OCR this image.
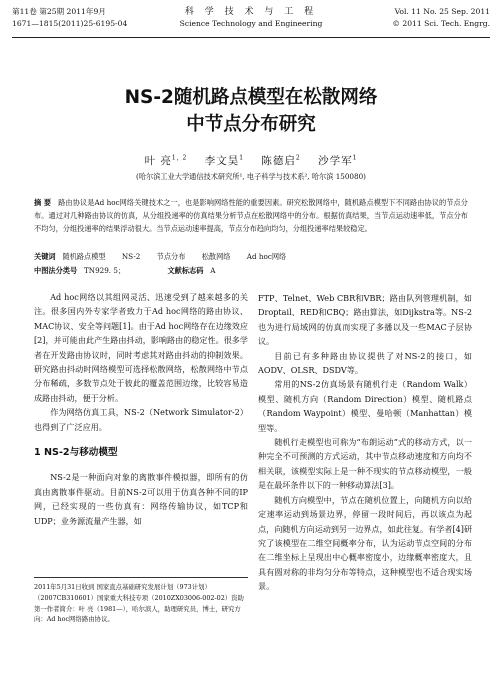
第11卷 第25期 2011年9月
1671—1815(2011)25-6195-04
科 学 技 术 与 工 程
Science Technology and Engineering
Vol. 11 No. 25 Sep. 2011
© 2011 Sci. Tech. Engrg.
NS-2随机路点模型在松散网络
中节点分布研究
叶 亮$^{1, 2}$ 李文昊$^1$ 陈德启$^2$ 沙学军$^1$
(哈尔滨工业大学通信技术研究所¹, 电子科学与技术系², 哈尔滨 150080)
摘 要 路由协议是Ad hoc网络关键技术之一，也是影响网络性能的重要因素。研究松散网络中，随机路点模型下不同路由协议的节点分布。通过对几种路由协议的仿真，从分组投递率的仿真结果分析节点在松散网络中的分布。根据仿真结果，当节点运动速率低，节点分布不均匀，分组投递率的结果浮动很大。当节点运动速率提高，节点分布趋向均匀，分组投递率结果较稳定。
关键词 随机路点模型 NS-2 节点分布 松散网络 Ad hoc网络
中图法分类号 TN929. 5；	文献标志码 A

Ad hoc网络以其组网灵活、迅速受到了越来越多的关注。很多国内外专家学者致力于Ad hoc网络的路由协议、MAC协议、安全等问题[1]。由于Ad hoc网络存在边缘效应[2]，并可能由此产生路由抖动，影响路由的稳定性。很多学者在开发路由协议时，同时考虑其对路由抖动的抑制效果。研究路由抖动时网络模型可选择松散网络，松散网络中节点分布稀疏，多数节点处于彼此的覆盖范围边缘，比较容易造成路由抖动，便于分析。

作为网络仿真工具，NS-2（Network Simulator-2）也得到了广泛应用。

1 NS-2与移动模型

NS-2是一种面向对象的离散事件模拟器，即所有的仿真由离散事件驱动。目前NS-2可以用于仿真各种不同的IP网，已经实现的一些仿真有：网络传输协议，如TCP和UDP；业务源流量产生器，如

FTP、Telnet、Web CBR和VBR；路由队列管理机制，如Droptail、RED和CBQ；路由算法，如Dijkstra等。NS-2也为进行局域网的仿真而实现了多播以及一些MAC子层协议。

目前已有多种路由协议提供了对NS-2的接口，如AODV、OLSR、DSDV等。

常用的NS-2仿真场景有随机行走（Random Walk）模型、随机方向（Random Direction）模型、随机路点（Random Waypoint）模型、曼哈顿（Manhattan）模型等。

随机行走模型也可称为“布朗运动”式的移动方式，以一种完全不可预测的方式运动，其中节点移动速度和方向均不相关联，该模型实际上是一种不现实的节点移动模型，一般是在最坏条件以下的一种移动算法[3]。

随机方向模型中，节点在随机位置上，向随机方向以给定速率运动到场景边界，停留一段时间后，再以该点为起点，向随机方向运动到另一边界点，如此往复。有学者[4]研究了该模型在二维空间概率分布，认为运动节点空间的分布在二维坐标上呈现出中心概率密度小，边缘概率密度大，且具有圆对称的非均匀分布等特点，这种模型也不适合现实场景。

2011年5月31日收到 国家直点基础研究发展计划（973计划）（2007CB310601）国家重大科技专项（2010ZX03006-002-02）资助第一作者简介：叶 亮（1981—），哈尔滨人，助理研究员，博士，研究方向：Ad hoc网络路由协议。
